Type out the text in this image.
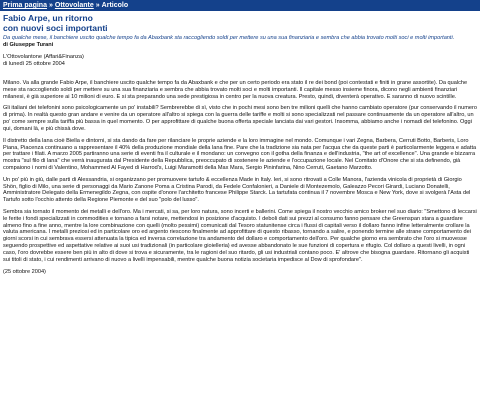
Prima pagina » Ottovolante » Articolo
Fabio Arpe, un ritorno
con nuovi soci importanti

Da qualche mese, il banchiere uscito qualche tempo fa da Abaxbank sta raccogliendo soldi per mettere su una sua finanziaria e sembra che abbia trovato molti soci e molti importanti.

di Giuseppe Turani

L'Ottovolantone (Affari&Finanza)
di lunedì 25 ottobre 2004

Milano. Va alla grande Fabio Arpe, il banchiere uscito qualche tempo fa da Abaxbank e che per un certo periodo era stato il re dei bond (poi contestati e finiti in grane assortite). Da qualche mese sta raccogliendo soldi per mettere su una sua finanziaria e sembra che abbia trovato molti soci e molti importanti. Il capitale messo insieme finora, dicono negli ambienti finanziari milanesi, è già superiore ai 10 milioni di euro. E si sta preparando una sede prestigiosa in centro per la nuova creatura. Presto, quindi, diventerà operativo. E saranno di nuovo scintille.

Gli italiani dei telefonini sono psicologicamente un po' instabili? Sembrerebbe di sì, visto che in pochi mesi sono ben tre milioni quelli che hanno cambiato operatore (pur conservando il numero di prima). In realtà questo gran andare e venire da un operatore all'altro si spiega con la guerra delle tariffe e molti si sono specializzati nel passare continuamente da un operatore all'altro, un po' come sempre sulla tariffa più bassa in quel momento. O per approfittare di qualche buona offerta speciale lanciata dai vari gestori. Insomma, abbiamo anche i nomadi del telefonino. Oggi qui, domani là, e più chissà dove.

Il distretto della lana cioè Biella e dintorni, si sta dando da fare per rilanciare le proprie aziende e la loro immagine nel mondo. Comunque i vari Zegna, Barbera, Cerruti Botto, Barberis, Loro Piana, Piacenza continuano a rappresentare il 40% della produzione mondiale della lana fine. Pare che la tradizione sia nata per l'acqua che da queste parti è particolarmente leggera e adatta per trattare i filati. A marzo 2005 partiranno una serie di eventi fra il culturale e il mondano: un convegno con il gotha della finanza e dell'industria, "the art of excellence". Una grande e bizzarra mostra "sul filo di lana" che verrà inaugurata dal Presidente della Repubblica, preoccupato di sostenere le aziende e l'occupazione locale. Nel Comitato d'Onore che si sta definendo, già compaiono i nomi di Valentino, Mohammed Al Fayed di Harrod's, Luigi Maramotti della Max Mara, Sergio Pininfarina, Nino Cerruti, Gaetano Marzotto.

Un po' più in giù, dalle parti di Alessandria, si organizzano per promuovere tartufo & eccellenza Made in Italy. Ieri, si sono ritrovati a Colle Manora, l'azienda vinicola di proprietà di Giorgio Shön, figlio di Milo, una serie di personaggi da Mario Zanone Poma a Cristina Parodi, da Fedele Confalonieri, a Daniele di Montezemolo, Galeazzo Pecori Girardi, Luciano Donatelli, Amministratore Delegato della Ermenegildo Zegna, con ospite d'onore l'architetto francese Philippe Starck. La tartufata continua il 7 novembre Mosca e New York, dove si svolgerà l'Asta del Tartufo sotto l'occhio attento della Regione Piemonte e del suo "polo del lusso".

Sembra sia tornato il momento dei metalli e dell'oro. Ma i mercati, si sa, per loro natura, sono incerti e ballerini. Come spiega il nostro vecchio amico broker nel suo diario: "Smettono di leccarsi le ferite i fondi specializzati in commodities e tornano a farsi notare, mettendosi in posizione d'acquisto. I deboli dati sui prezzi al consumo fanno pensare che Greenspan stara a guardare almeno fino a fine anno, mentre la lore combinazione con quelli (molto pessimi) comunicati dal Tesoro statunitense circa i flussi di capitali verso il dollaro fanno infine letteralmente crollare la valuta americana. I metalli preziosi ed in particolare oro ed argento riescono finalmente ad approfittare di questo ribasso, tornando a salire, e ponendo termine alle strane comportamento dei giorni scorsi in cui sembrava essersi attenuata la tipica ed inversa correlazione tra andamento del dollaro e comportamento dell'oro. Per qualche giorno era sembrato che l'oro si muovesse seguendo prospettive ed aspettative relative ai suoi usi tradizionali (in particolare gioielleria) ed avesse abbandonato le sue funzioni di copertura e rifugio. Col dollaro a questi livelli, in ogni caso, l'oro dovrebbe essere ben più in alto di dove si trova e sicuramente, tra le ragioni del suo ritardo, gli usi industriali contano poco. E' altrove che bisogna guardare. Ritornano gli acquisti sui titoli di stato, i cui rendimenti arrivano di nuovo a livelli impensabili, mentre qualche buona notizia societaria impedisce al Dow di sprofondare".

(25 ottobre 2004)
